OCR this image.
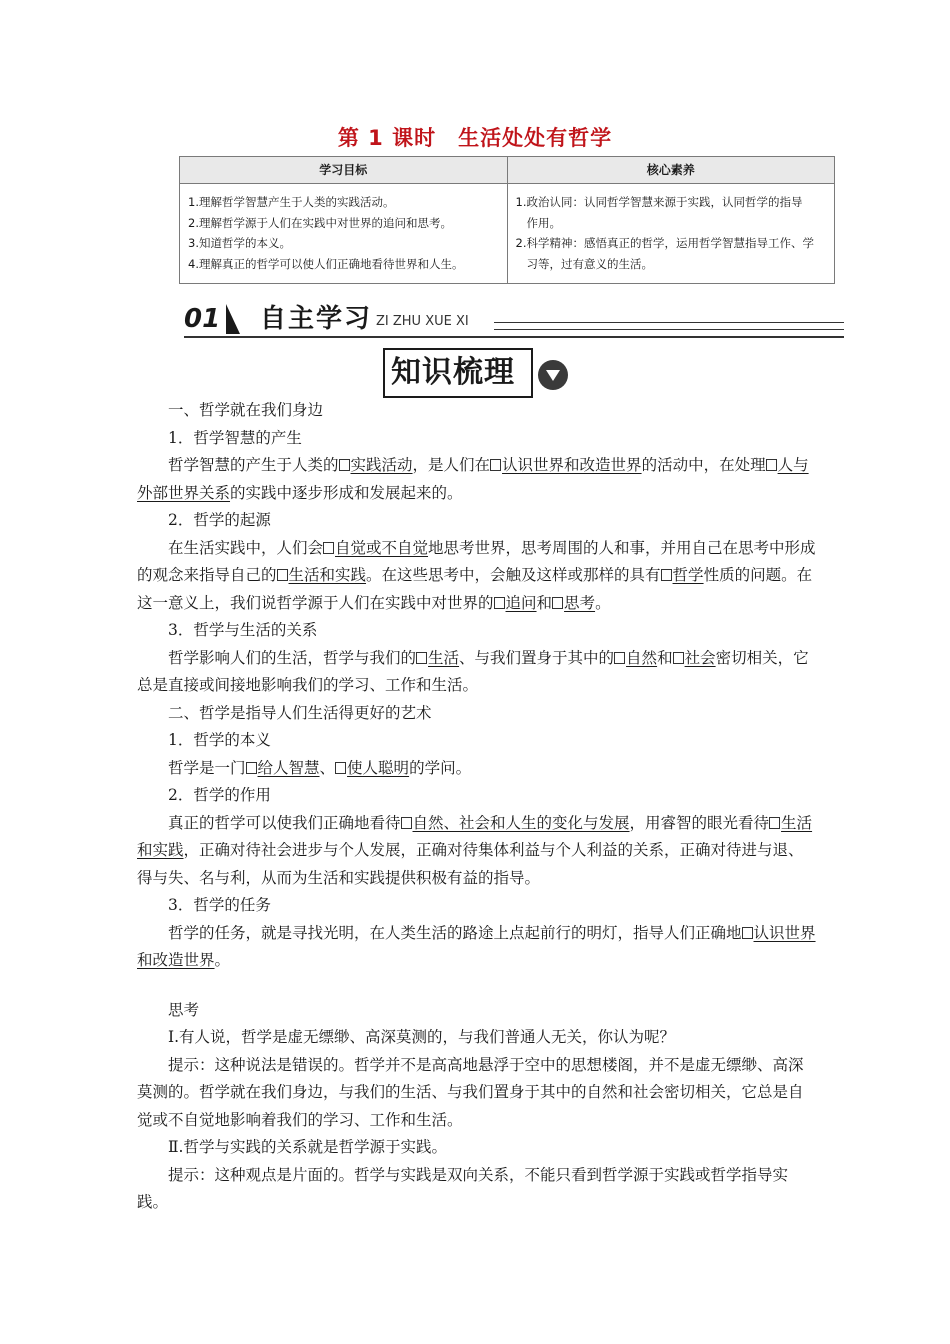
第 1 课时　生活处处有哲学
学习目标	核心素养
1.理解哲学智慧产生于人类的实践活动。
2.理解哲学源于人们在实践中对世界的追问和思考。
3.知道哲学的本义。
4.理解真正的哲学可以使人们正确地看待世界和人生。
1.政治认同：认同哲学智慧来源于实践，认同哲学的指导
作用。
2.科学精神：感悟真正的哲学，运用哲学智慧指导工作、学
习等，过有意义的生活。
01 自主学习 ZI ZHU XUE XI
知识梳理

一、哲学就在我们身边

1．哲学智慧的产生

哲学智慧的产生于人类的 实践活动，是人们在 认识世界和改造世界的活动中，在处理 人与外部世界关系的实践中逐步形成和发展起来的。

2．哲学的起源

在生活实践中，人们会 自觉或不自觉地思考世界，思考周围的人和事，并用自己在思考中形成的观念来指导自己的 生活和实践。在这些思考中，会触及这样或那样的具有 哲学性质的问题。在这一意义上，我们说哲学源于人们在实践中对世界的 追问和 思考。

3．哲学与生活的关系

哲学影响人们的生活，哲学与我们的 生活、与我们置身于其中的 自然和 社会密切相关，它总是直接或间接地影响我们的学习、工作和生活。

二、哲学是指导人们生活得更好的艺术

1．哲学的本义

哲学是一门 给人智慧、 使人聪明的学问。

2．哲学的作用

真正的哲学可以使我们正确地看待 自然、社会和人生的变化与发展，用睿智的眼光看待 生活和实践，正确对待社会进步与个人发展，正确对待集体利益与个人利益的关系，正确对待进与退、得与失、名与利，从而为生活和实践提供积极有益的指导。

3．哲学的任务

哲学的任务，就是寻找光明，在人类生活的路途上点起前行的明灯，指导人们正确地 认识世界和改造世界。

思考

Ⅰ.有人说，哲学是虚无缥缈、高深莫测的，与我们普通人无关，你认为呢？

提示：这种说法是错误的。哲学并不是高高地悬浮于空中的思想楼阁，并不是虚无缥缈、高深莫测的。哲学就在我们身边，与我们的生活、与我们置身于其中的自然和社会密切相关，它总是自觉或不自觉地影响着我们的学习、工作和生活。

Ⅱ.哲学与实践的关系就是哲学源于实践。

提示：这种观点是片面的。哲学与实践是双向关系，不能只看到哲学源于实践或哲学指导实践。
